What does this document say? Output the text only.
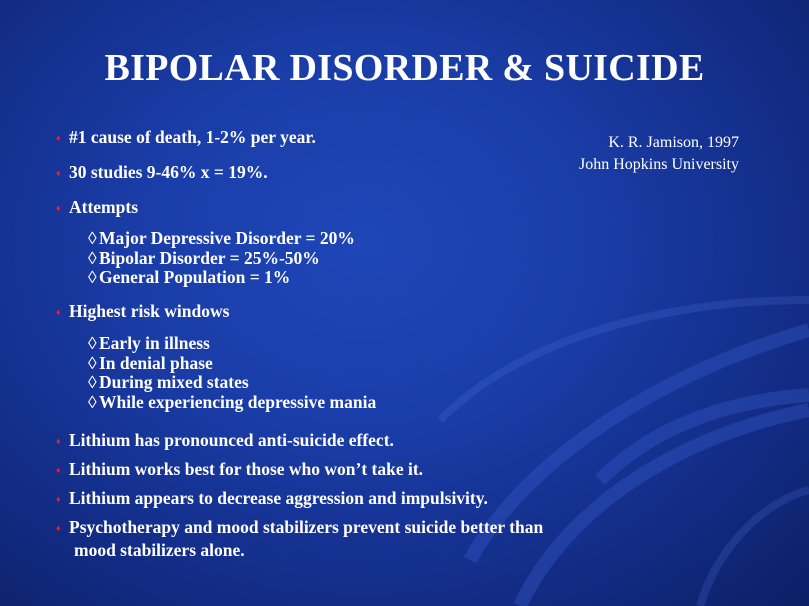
BIPOLAR DISORDER & SUICIDE
K. R. Jamison, 1997
John Hopkins University
♦ #1 cause of death, 1-2% per year.
♦ 30 studies 9-46% x = 19%.
♦ Attempts
◊ Major Depressive Disorder = 20%
◊ Bipolar Disorder = 25%-50%
◊ General Population = 1%
♦ Highest risk windows
◊ Early in illness
◊ In denial phase
◊ During mixed states
◊ While experiencing depressive mania
♦ Lithium has pronounced anti-suicide effect.
♦ Lithium works best for those who won’t take it.
♦ Lithium appears to decrease aggression and impulsivity.
♦ Psychotherapy and mood stabilizers prevent suicide better than
mood stabilizers alone.
